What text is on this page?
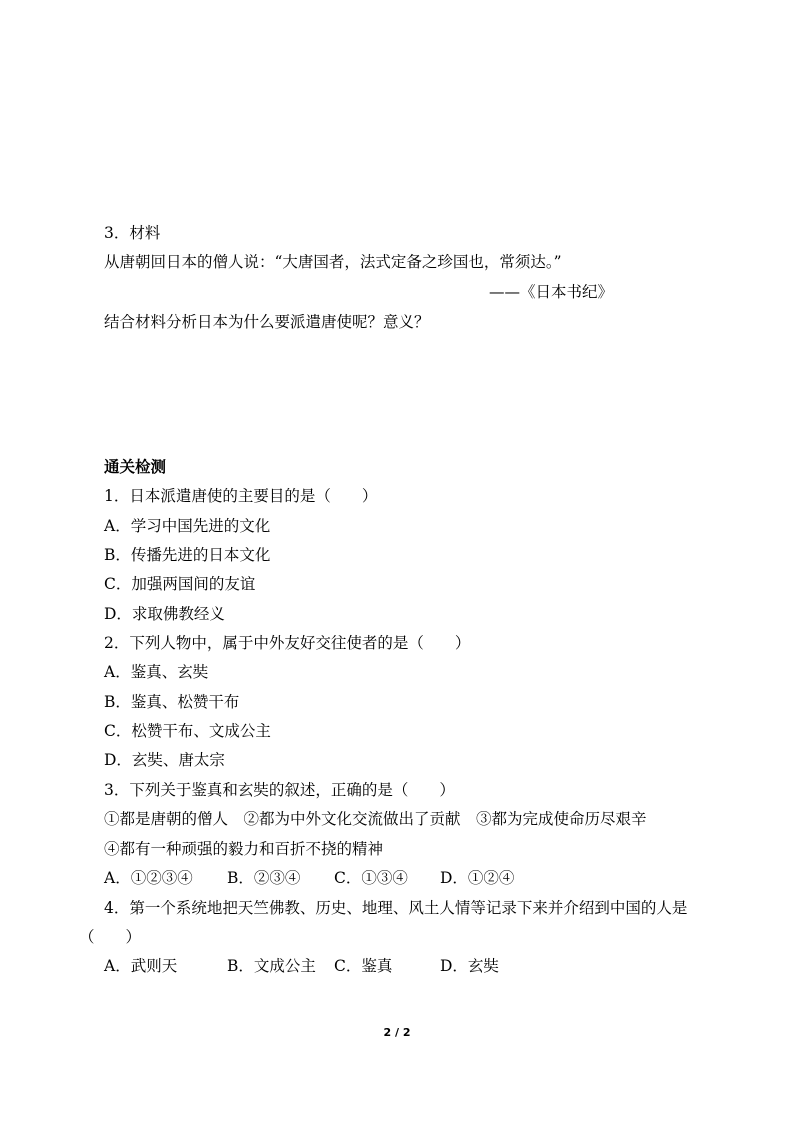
3．材料
从唐朝回日本的僧人说：“大唐国者，法式定备之珍国也，常须达。”
——《日本书纪》
结合材料分析日本为什么要派遣唐使呢？意义？
通关检测
1．日本派遣唐使的主要目的是（　　）
A．学习中国先进的文化
B．传播先进的日本文化
C．加强两国间的友谊
D．求取佛教经义
2．下列人物中，属于中外友好交往使者的是（　　）
A．鉴真、玄奘
B．鉴真、松赞干布
C．松赞干布、文成公主
D．玄奘、唐太宗
3．下列关于鉴真和玄奘的叙述，正确的是（　　）
①都是唐朝的僧人　②都为中外文化交流做出了贡献　③都为完成使命历尽艰辛
④都有一种顽强的毅力和百折不挠的精神
A．①②③④ B．②③④ C．①③④ D．①②④
4．第一个系统地把天竺佛教、历史、地理、风土人情等记录下来并介绍到中国的人是
（　　）
A．武则天	B．文成公主 C．鉴真	D．玄奘
2 / 2
